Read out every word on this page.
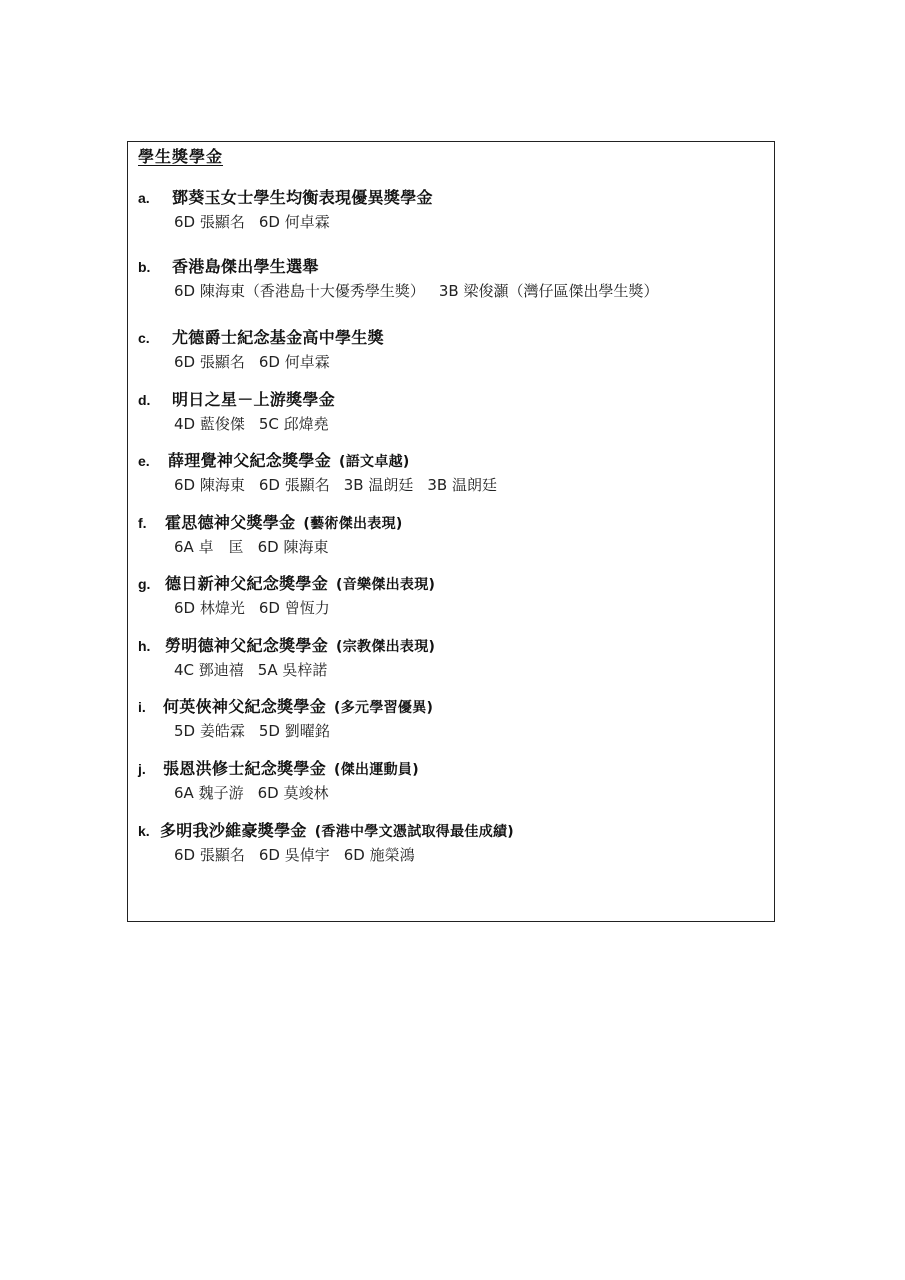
學生獎學金
a.	鄧葵玉女士學生均衡表現優異獎學金
6D 張顯名 6D 何卓霖
b.	香港島傑出學生選舉
6D 陳海東（香港島十大優秀學生獎） 3B 梁俊灝（灣仔區傑出學生獎）
c.	尤德爵士紀念基金高中學生獎
6D 張顯名 6D 何卓霖
d.	明日之星－上游獎學金
4D 藍俊傑 5C 邱煒堯
e.	薛理覺神父紀念獎學金 (語文卓越)
6D 陳海東 6D 張顯名 3B 温朗廷 3B 温朗廷
f.	霍思德神父獎學金 (藝術傑出表現)
6A 卓　匡 6D 陳海東
g. 德日新神父紀念獎學金 (音樂傑出表現)
6D 林煒光 6D 曾恆力
h. 勞明德神父紀念獎學金 (宗教傑出表現)
4C 鄧迪禧 5A 吳梓諾
i.	何英俠神父紀念獎學金 (多元學習優異)
5D 姜皓霖 5D 劉曜銘
j.	張恩洪修士紀念獎學金 (傑出運動員)
6A 魏子游 6D 莫竣林
k. 多明我沙維豪獎學金 (香港中學文憑試取得最佳成績)
6D 張顯名 6D 吳倬宇 6D 施榮鴻
